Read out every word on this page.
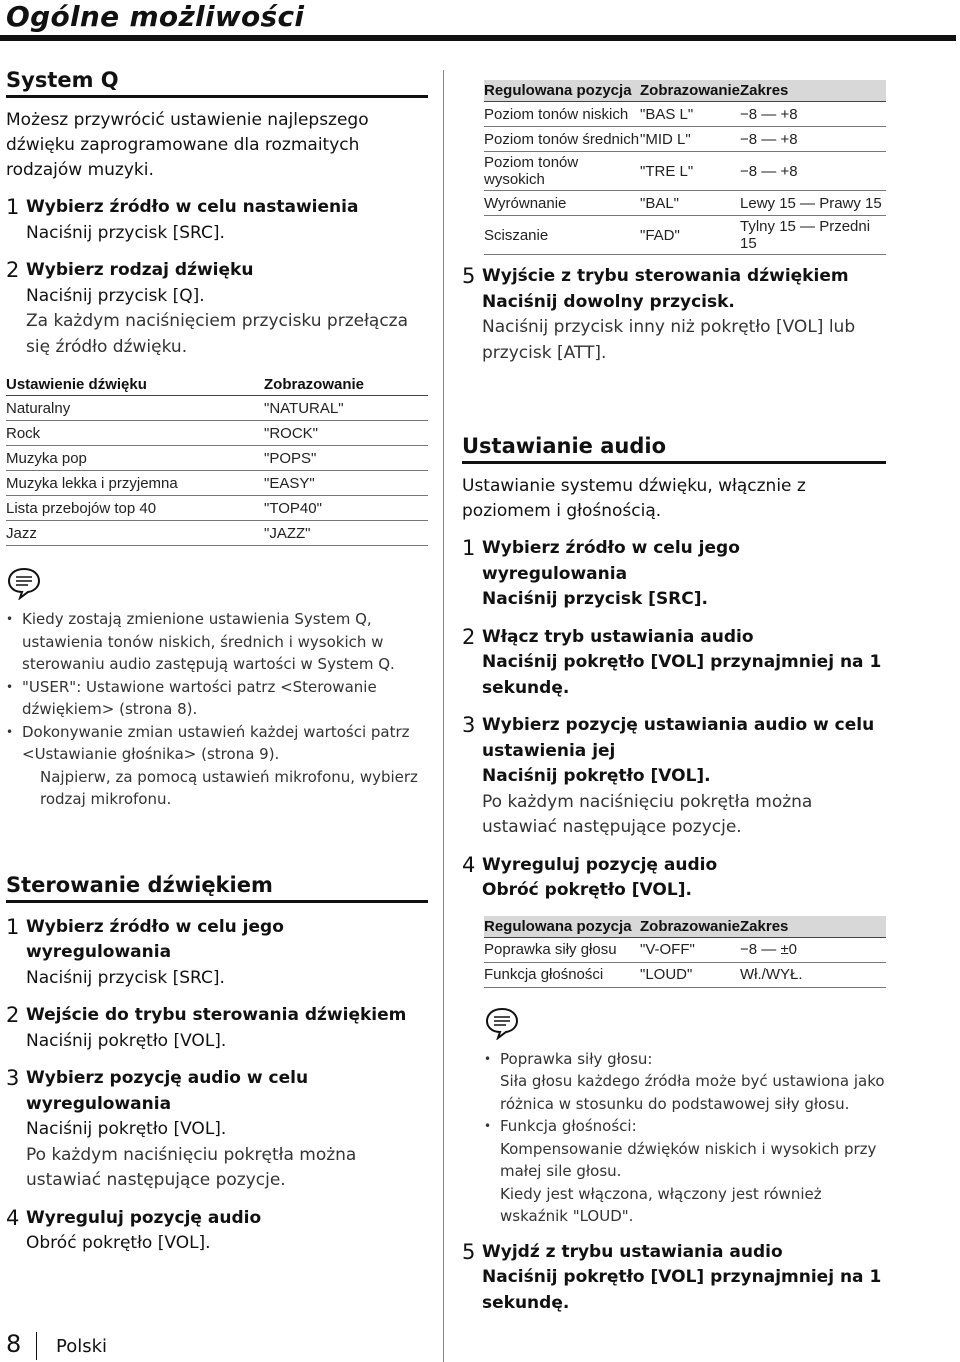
Ogólne możliwości
System Q
Możesz przywrócić ustawienie najlepszego dźwięku zaprogramowane dla rozmaitych rodzajów muzyki.
1 Wybierz źródło w celu nastawienia
Naciśnij przycisk [SRC].
2 Wybierz rodzaj dźwięku
Naciśnij przycisk [Q].
Za każdym naciśnięciem przycisku przełącza się źródło dźwięku.
Ustawienie dźwięku	Zobrazowanie
Naturalny	"NATURAL"
Rock	"ROCK"
Muzyka pop	"POPS"
Muzyka lekka i przyjemna	"EASY"
Lista przebojów top 40	"TOP40"
Jazz	"JAZZ"
• Kiedy zostają zmienione ustawienia System Q, ustawienia tonów niskich, średnich i wysokich w sterowaniu audio zastępują wartości w System Q.
• "USER": Ustawione wartości patrz <Sterowanie dźwiękiem> (strona 8).
• Dokonywanie zmian ustawień każdej wartości patrz <Ustawianie głośnika> (strona 9).
Najpierw, za pomocą ustawień mikrofonu, wybierz rodzaj mikrofonu.
Sterowanie dźwiękiem
1 Wybierz źródło w celu jego wyregulowania
Naciśnij przycisk [SRC].
2 Wejście do trybu sterowania dźwiękiem
Naciśnij pokrętło [VOL].
3 Wybierz pozycję audio w celu wyregulowania
Naciśnij pokrętło [VOL].
Po każdym naciśnięciu pokrętła można ustawiać następujące pozycje.
4 Wyreguluj pozycję audio
Obróć pokrętło [VOL].
Regulowana pozycja	Zobrazowanie	Zakres
Poziom tonów niskich	"BAS L"	−8 — +8
Poziom tonów średnich	"MID L"	−8 — +8
Poziom tonów wysokich	"TRE L"	−8 — +8
Wyrównanie	"BAL"	Lewy 15 — Prawy 15
Sciszanie	"FAD"	Tylny 15 — Przedni 15
5 Wyjście z trybu sterowania dźwiękiem
Naciśnij dowolny przycisk.
Naciśnij przycisk inny niż pokrętło [VOL] lub przycisk [ATT].
Ustawianie audio
Ustawianie systemu dźwięku, włącznie z poziomem i głośnością.
1 Wybierz źródło w celu jego wyregulowania
Naciśnij przycisk [SRC].
2 Włącz tryb ustawiania audio
Naciśnij pokrętło [VOL] przynajmniej na 1 sekundę.
3 Wybierz pozycję ustawiania audio w celu ustawienia jej
Naciśnij pokrętło [VOL].
Po każdym naciśnięciu pokrętła można ustawiać następujące pozycje.
4 Wyreguluj pozycję audio
Obróć pokrętło [VOL].
Regulowana pozycja	Zobrazowanie	Zakres
Poprawka siły głosu	"V-OFF"	−8 — ±0
Funkcja głośności	"LOUD"	Wł./WYŁ.
• Poprawka siły głosu:
Siła głosu każdego źródła może być ustawiona jako różnica w stosunku do podstawowej siły głosu.
• Funkcja głośności:
Kompensowanie dźwięków niskich i wysokich przy małej sile głosu.
Kiedy jest włączona, włączony jest również wskaźnik "LOUD".
5 Wyjdź z trybu ustawiania audio
Naciśnij pokrętło [VOL] przynajmniej na 1 sekundę.
8 Polski
